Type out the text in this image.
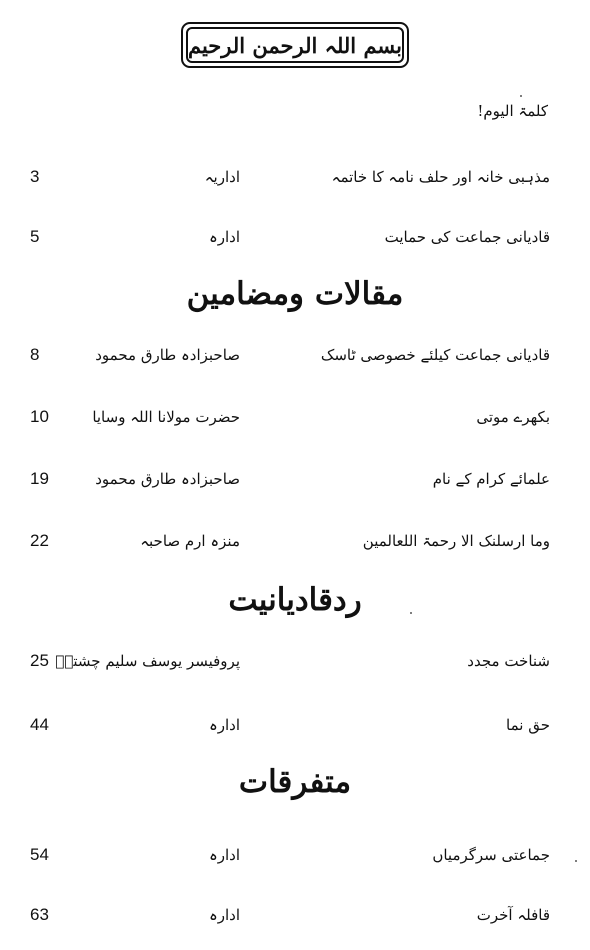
بسم اللہ الرحمن الرحیم
کلمۃ الیوم!
3	اداریہ	مذہبی خانہ اور حلف نامہ کا خاتمہ
5	ادارہ	قادیانی جماعت کی حمایت
مقالات ومضامین
8	صاحبزادہ طارق محمود	قادیانی جماعت کیلئے خصوصی ٹاسک
10	حضرت مولانا اللہ وسایا	بکھرے موتی
19	صاحبزادہ طارق محمود	علمائے کرام کے نام
22	منزہ ارم صاحبہ	وما ارسلنک الا رحمۃ اللعالمین
ردقادیانیت
25 پروفیسر یوسف سلیم چشتیؒ	شناخت مجدد
44	ادارہ	حق نما
متفرقات
54	ادارہ	جماعتی سرگرمیاں
63	ادارہ	قافلہ آخرت
